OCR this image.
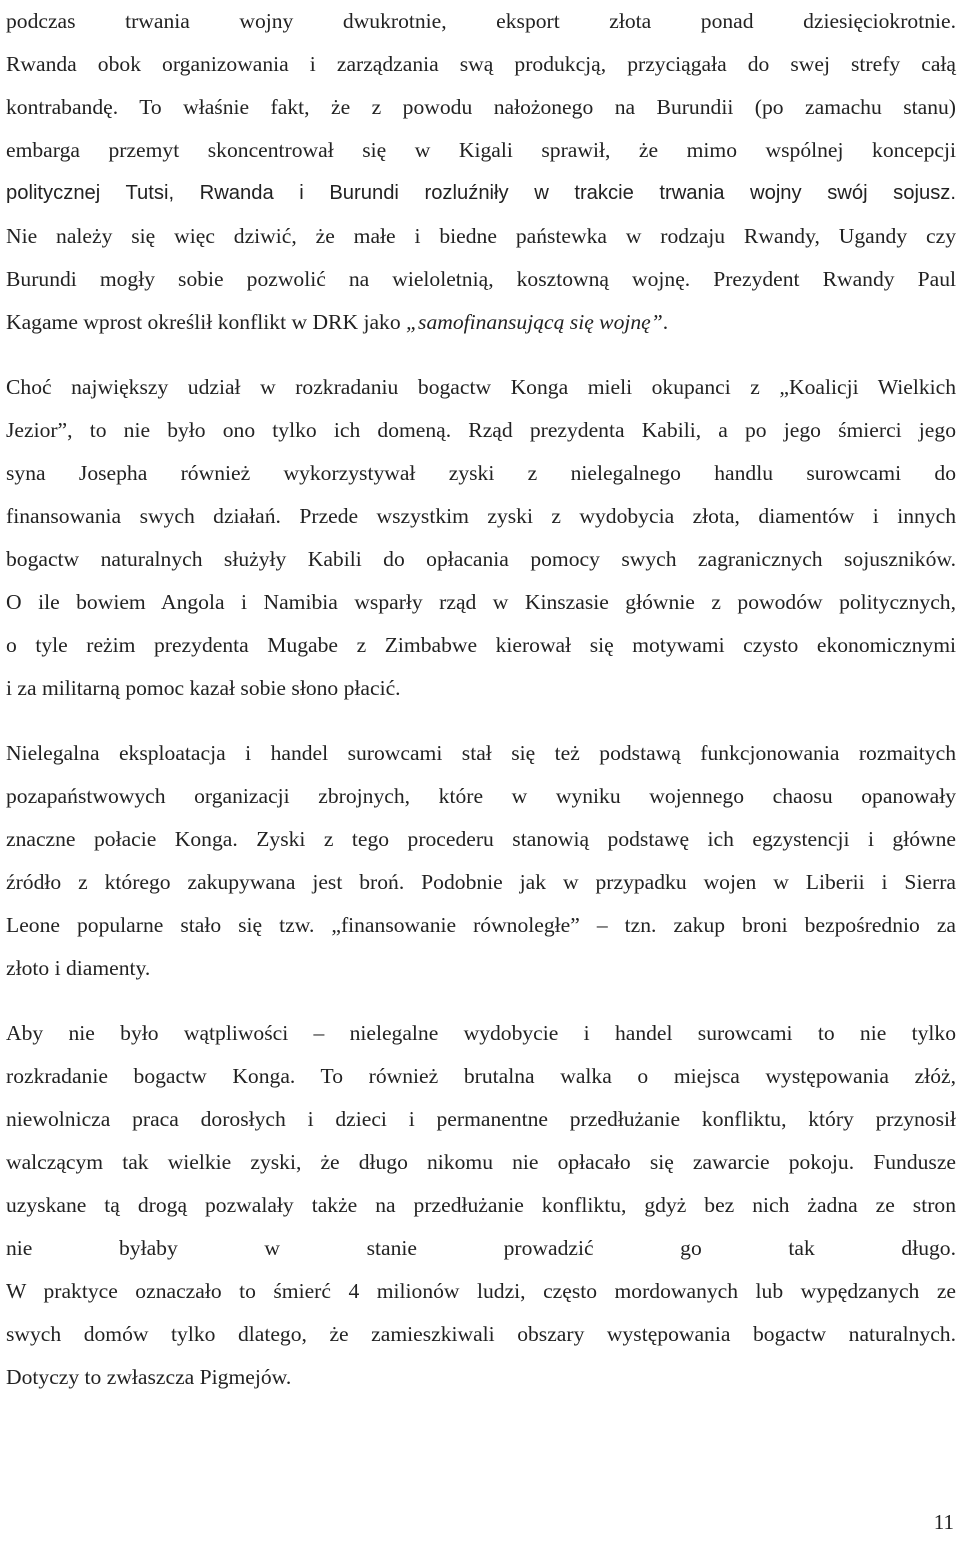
podczas trwania wojny dwukrotnie, eksport złota ponad dziesięciokrotnie.
Rwanda obok organizowania i zarządzania swą produkcją, przyciągała do swej strefy całą
kontrabandę. To właśnie fakt, że z powodu nałożonego na Burundii (po zamachu stanu)
embarga przemyt skoncentrował się w Kigali sprawił, że mimo wspólnej koncepcji
politycznej Tutsi, Rwanda i Burundi rozluźniły w trakcie trwania wojny swój sojusz.
Nie należy się więc dziwić, że małe i biedne państewka w rodzaju Rwandy, Ugandy czy
Burundi mogły sobie pozwolić na wieloletnią, kosztowną wojnę. Prezydent Rwandy Paul
Kagame wprost określił konflikt w DRK jako „samofinansującą się wojnę”.

Choć największy udział w rozkradaniu bogactw Konga mieli okupanci z „Koalicji Wielkich
Jezior”, to nie było ono tylko ich domeną. Rząd prezydenta Kabili, a po jego śmierci jego
syna Josepha również wykorzystywał zyski z nielegalnego handlu surowcami do
finansowania swych działań. Przede wszystkim zyski z wydobycia złota, diamentów i innych
bogactw naturalnych służyły Kabili do opłacania pomocy swych zagranicznych sojuszników.
O ile bowiem Angola i Namibia wsparły rząd w Kinszasie głównie z powodów politycznych,
o tyle reżim prezydenta Mugabe z Zimbabwe kierował się motywami czysto ekonomicznymi
i za militarną pomoc kazał sobie słono płacić.

Nielegalna eksploatacja i handel surowcami stał się też podstawą funkcjonowania rozmaitych
pozapaństwowych organizacji zbrojnych, które w wyniku wojennego chaosu opanowały
znaczne połacie Konga. Zyski z tego procederu stanowią podstawę ich egzystencji i główne
źródło z którego zakupywana jest broń. Podobnie jak w przypadku wojen w Liberii i Sierra
Leone popularne stało się tzw. „finansowanie równoległe” – tzn. zakup broni bezpośrednio za
złoto i diamenty.

Aby nie było wątpliwości – nielegalne wydobycie i handel surowcami to nie tylko
rozkradanie bogactw Konga. To również brutalna walka o miejsca występowania złóż,
niewolnicza praca dorosłych i dzieci i permanentne przedłużanie konfliktu, który przynosił
walczącym tak wielkie zyski, że długo nikomu nie opłacało się zawarcie pokoju. Fundusze
uzyskane tą drogą pozwalały także na przedłużanie konfliktu, gdyż bez nich żadna ze stron
nie byłaby w stanie prowadzić go tak długo.
W praktyce oznaczało to śmierć 4 milionów ludzi, często mordowanych lub wypędzanych ze
swych domów tylko dlatego, że zamieszkiwali obszary występowania bogactw naturalnych.
Dotyczy to zwłaszcza Pigmejów.

11
